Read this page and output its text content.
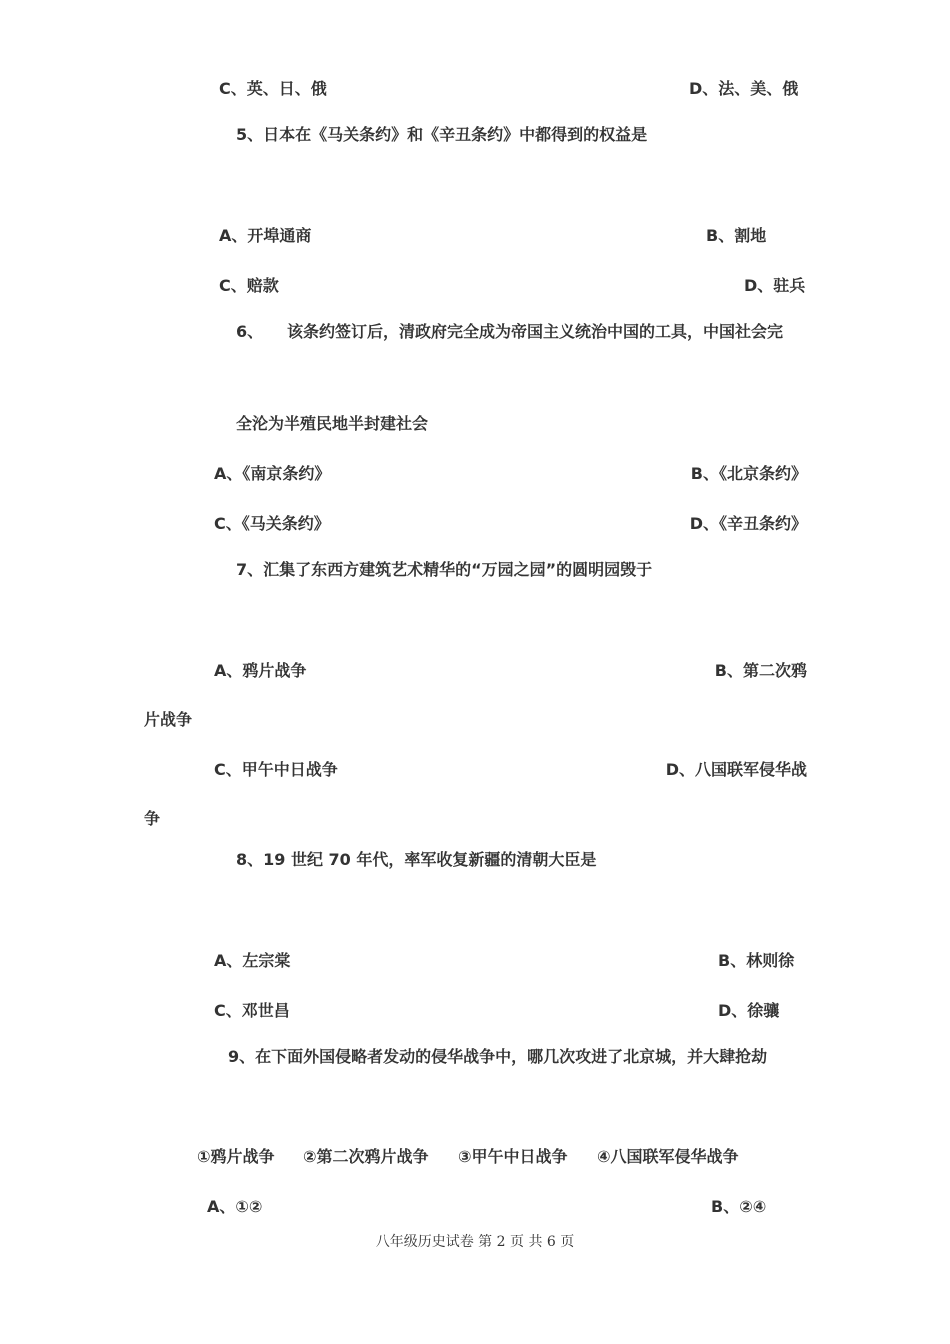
C、英、日、俄	D、法、美、俄
5、日本在《马关条约》和《辛丑条约》中都得到的权益是
A、开埠通商	B、割地
C、赔款	D、驻兵
6、 该条约签订后，清政府完全成为帝国主义统治中国的工具，中国社会完
全沦为半殖民地半封建社会
A、《南京条约》	B、《北京条约》
C、《马关条约》	D、《辛丑条约》
7、汇集了东西方建筑艺术精华的“万园之园”的圆明园毁于
A、鸦片战争	B、第二次鸦
片战争
C、甲午中日战争	D、八国联军侵华战
争
8、19 世纪 70 年代，率军收复新疆的清朝大臣是
A、左宗棠	B、林则徐
C、邓世昌	D、徐骧
9、在下面外国侵略者发动的侵华战争中，哪几次攻进了北京城，并大肆抢劫
①鸦片战争 ②第二次鸦片战争 ③甲午中日战争 ④八国联军侵华战争
A、①②	B、②④
八年级历史试卷 第 2 页 共 6 页
